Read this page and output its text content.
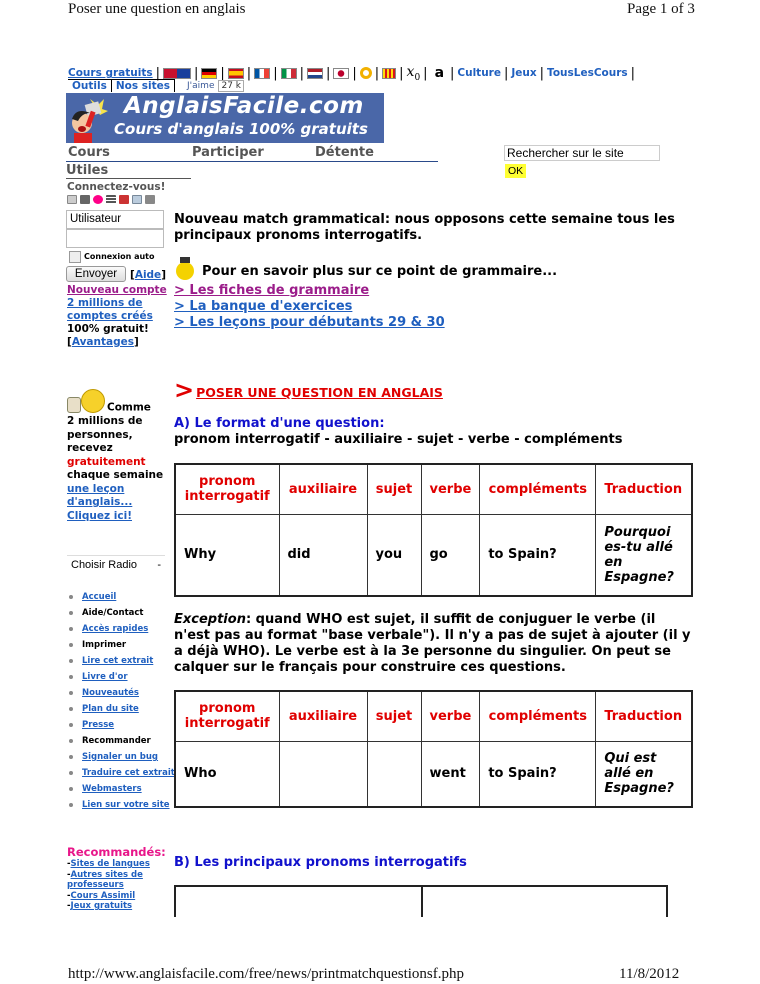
Poser une question en anglais	Page 1 of 3
Cours gratuits |	| | | | | | | | | $x_0$ | a | Culture | Jeux | TousLesCours |
Outils Nos sites	J'aime 27 k
AnglaisFacile.com
Cours d'anglais 100% gratuits
Cours	Participer	Détente
Utiles
Rechercher sur le site
OK
Connectez-vous!
Utilisateur
Connexion auto
Envoyer	[Aide]
Nouveau compte
2 millions de comptes créés
100% gratuit!
[Avantages]
Nouveau match grammatical: nous opposons cette semaine tous les principaux pronoms interrogatifs.
Pour en savoir plus sur ce point de grammaire...
> Les fiches de grammaire
> La banque d'exercices
> Les leçons pour débutants 29 & 30
Comme
2 millions de personnes, recevez
gratuitement
chaque semaine
une leçon d'anglais... Cliquez ici!
Choisir Radio -
Accueil
Aide/Contact
Accès rapides
Imprimer
Lire cet extrait
Livre d'or
Nouveautés
Plan du site
Presse
Recommander
Signaler un bug
Traduire cet extrait
Webmasters
Lien sur votre site
Recommandés:
-Sites de langues
-Autres sites de professeurs
-Cours Assimil
-Jeux gratuits
> POSER UNE QUESTION EN ANGLAIS
A) Le format d'une question:
pronom interrogatif - auxiliaire - sujet - verbe - compléments
pronom interrogatif	auxiliaire	sujet	verbe	compléments	Traduction
Why	did	you	go	to Spain?	Pourquoi es-tu allé en Espagne?
Exception: quand WHO est sujet, il suffit de conjuguer le verbe (il n'est pas au format "base verbale"). Il n'y a pas de sujet à ajouter (il y a déjà WHO). Le verbe est à la 3e personne du singulier. On peut se calquer sur le français pour construire ces questions.
pronom interrogatif	auxiliaire	sujet	verbe	compléments	Traduction
Who			went	to Spain?	Qui est allé en Espagne?
B) Les principaux pronoms interrogatifs
http://www.anglaisfacile.com/free/news/printmatchquestionsf.php	11/8/2012
